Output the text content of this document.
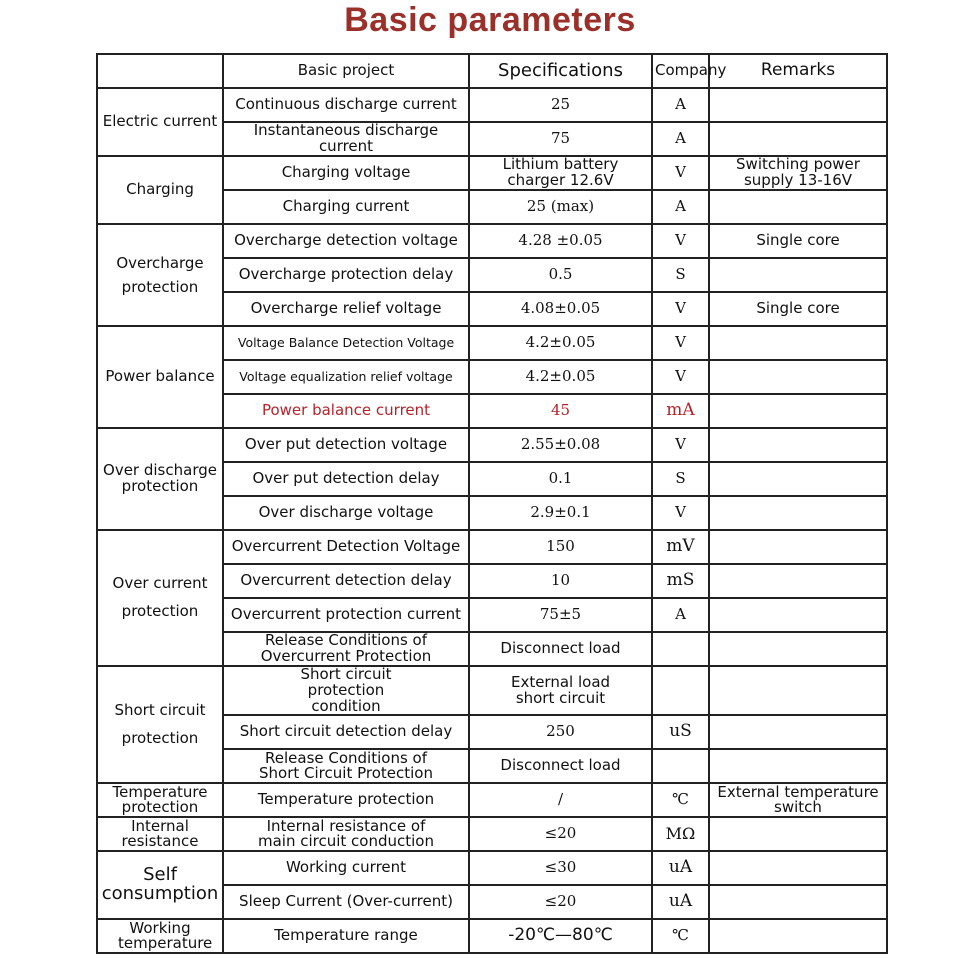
Basic parameters
	Basic project	Specifications	Company	Remarks
Electric current	Continuous discharge current	25	A	
	Instantaneous discharge current	75	A	
Charging	Charging voltage	Lithium battery charger 12.6V	V	Switching power supply 13-16V
	Charging current	25 (max)	A	
Overcharge protection	Overcharge detection voltage	4.28 ±0.05	V	Single core
	Overcharge protection delay	0.5	S	
	Overcharge relief voltage	4.08±0.05	V	Single core
Power balance	Voltage Balance Detection Voltage	4.2±0.05	V	
	Voltage equalization relief voltage	4.2±0.05	V	
	Power balance current	45	mA	
Over discharge protection	Over put detection voltage	2.55±0.08	V	
	Over put detection delay	0.1	S	
	Over discharge voltage	2.9±0.1	V	
Over current protection	Overcurrent Detection Voltage	150	mV	
	Overcurrent detection delay	10	mS	
	Overcurrent protection current	75±5	A	
	Release Conditions of Overcurrent Protection	Disconnect load		
Short circuit protection	Short circuit protection condition	External load short circuit		
	Short circuit detection delay	250	uS	
	Release Conditions of Short Circuit Protection	Disconnect load		
Temperature protection	Temperature protection	/	℃	External temperature switch
Internal resistance	Internal resistance of main circuit conduction	≤20	MΩ	
Self consumption	Working current	≤30	uA	
	Sleep Current (Over-current)	≤20	uA	
Working temperature	Temperature range	-20℃—80℃	℃	
